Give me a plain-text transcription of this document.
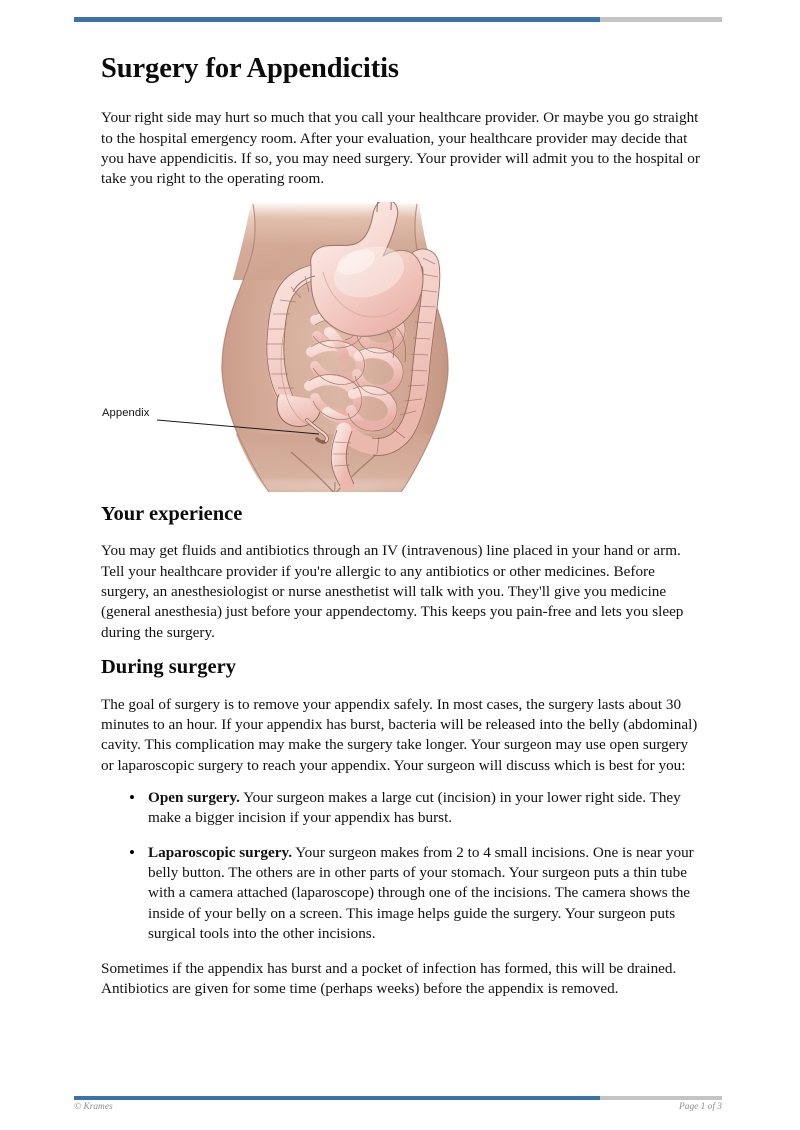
Surgery for Appendicitis

Your right side may hurt so much that you call your healthcare provider. Or maybe you go straight to the hospital emergency room. After your evaluation, your healthcare provider may decide that you have appendicitis. If so, you may need surgery. Your provider will admit you to the hospital or take you right to the operating room.

Appendix
Your experience

You may get fluids and antibiotics through an IV (intravenous) line placed in your hand or arm. Tell your healthcare provider if you're allergic to any antibiotics or other medicines. Before surgery, an anesthesiologist or nurse anesthetist will talk with you. They'll give you medicine (general anesthesia) just before your appendectomy. This keeps you pain-free and lets you sleep during the surgery.

During surgery

The goal of surgery is to remove your appendix safely. In most cases, the surgery lasts about 30 minutes to an hour. If your appendix has burst, bacteria will be released into the belly (abdominal) cavity. This complication may make the surgery take longer. Your surgeon may use open surgery or laparoscopic surgery to reach your appendix. Your surgeon will discuss which is best for you:

• Open surgery. Your surgeon makes a large cut (incision) in your lower right side. They make a bigger incision if your appendix has burst.
• Laparoscopic surgery. Your surgeon makes from 2 to 4 small incisions. One is near your belly button. The others are in other parts of your stomach. Your surgeon puts a thin tube with a camera attached (laparoscope) through one of the incisions. The camera shows the inside of your belly on a screen. This image helps guide the surgery. Your surgeon puts surgical tools into the other incisions.

Sometimes if the appendix has burst and a pocket of infection has formed, this will be drained. Antibiotics are given for some time (perhaps weeks) before the appendix is removed.

© Krames	Page 1 of 3
